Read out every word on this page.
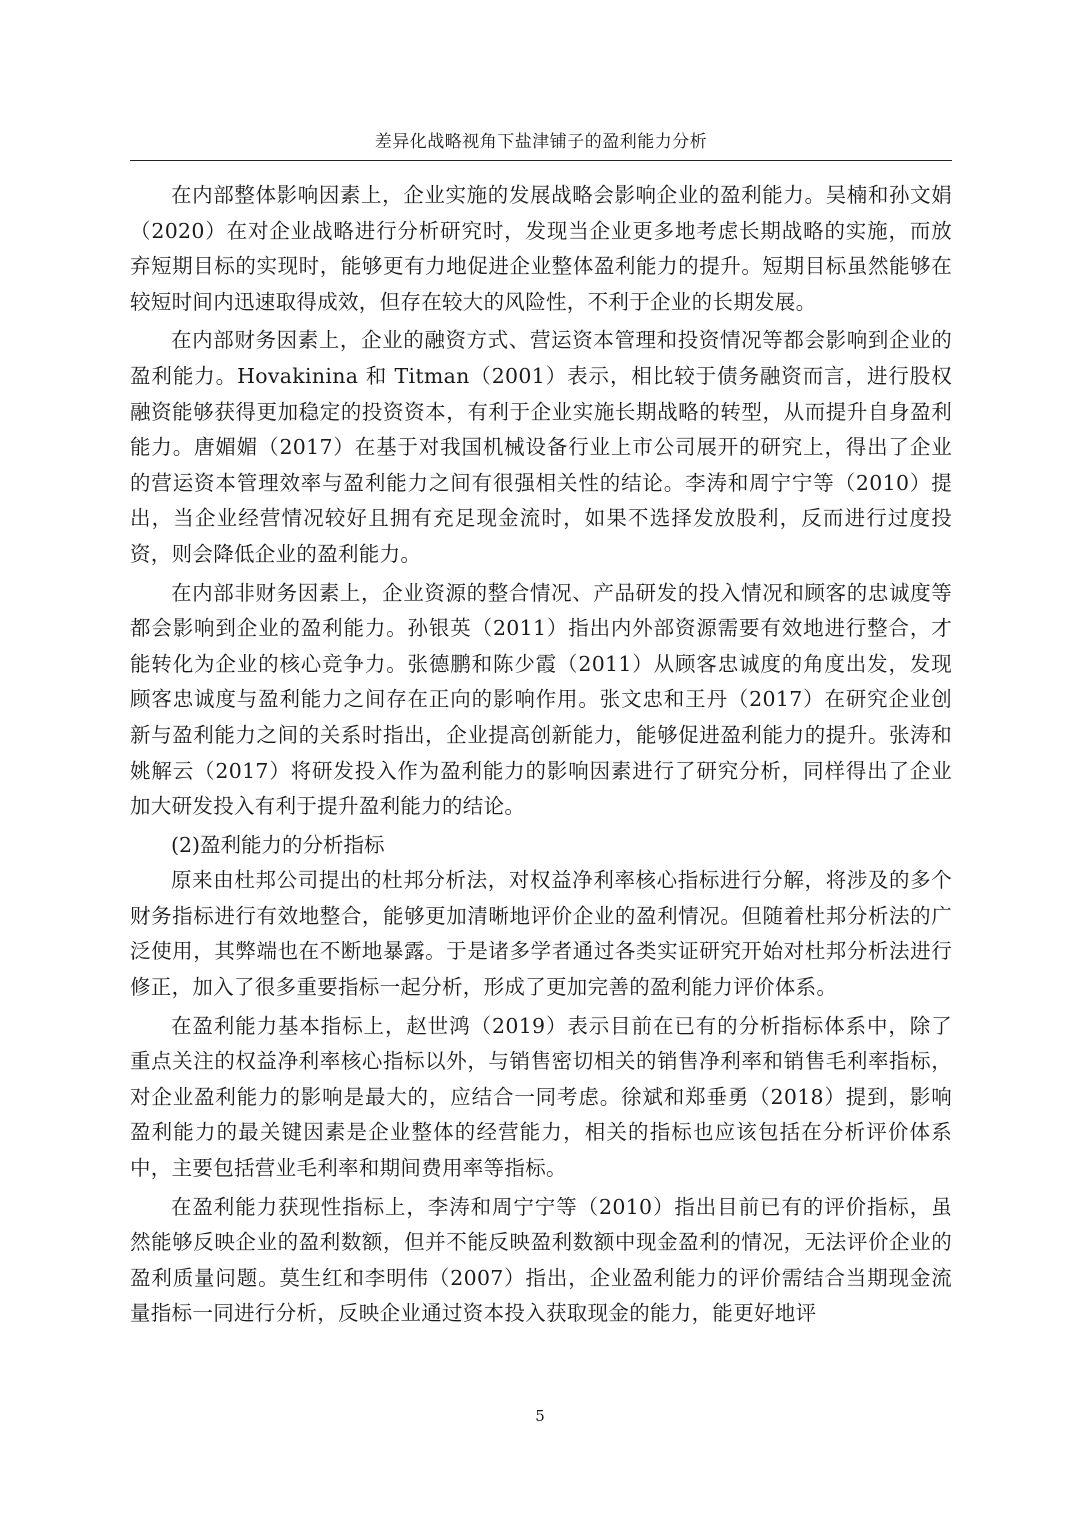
差异化战略视角下盐津铺子的盈利能力分析

在内部整体影响因素上，企业实施的发展战略会影响企业的盈利能力。吴楠和孙文娟（2020）在对企业战略进行分析研究时，发现当企业更多地考虑长期战略的实施，而放弃短期目标的实现时，能够更有力地促进企业整体盈利能力的提升。短期目标虽然能够在较短时间内迅速取得成效，但存在较大的风险性，不利于企业的长期发展。

在内部财务因素上，企业的融资方式、营运资本管理和投资情况等都会影响到企业的盈利能力。Hovakinina 和 Titman（2001）表示，相比较于债务融资而言，进行股权融资能够获得更加稳定的投资资本，有利于企业实施长期战略的转型，从而提升自身盈利能力。唐媚媚（2017）在基于对我国机械设备行业上市公司展开的研究上，得出了企业的营运资本管理效率与盈利能力之间有很强相关性的结论。李涛和周宁宁等（2010）提出，当企业经营情况较好且拥有充足现金流时，如果不选择发放股利，反而进行过度投资，则会降低企业的盈利能力。

在内部非财务因素上，企业资源的整合情况、产品研发的投入情况和顾客的忠诚度等都会影响到企业的盈利能力。孙银英（2011）指出内外部资源需要有效地进行整合，才能转化为企业的核心竞争力。张德鹏和陈少霞（2011）从顾客忠诚度的角度出发，发现顾客忠诚度与盈利能力之间存在正向的影响作用。张文忠和王丹（2017）在研究企业创新与盈利能力之间的关系时指出，企业提高创新能力，能够促进盈利能力的提升。张涛和姚解云（2017）将研发投入作为盈利能力的影响因素进行了研究分析，同样得出了企业加大研发投入有利于提升盈利能力的结论。

(2)盈利能力的分析指标

原来由杜邦公司提出的杜邦分析法，对权益净利率核心指标进行分解，将涉及的多个财务指标进行有效地整合，能够更加清晰地评价企业的盈利情况。但随着杜邦分析法的广泛使用，其弊端也在不断地暴露。于是诸多学者通过各类实证研究开始对杜邦分析法进行修正，加入了很多重要指标一起分析，形成了更加完善的盈利能力评价体系。

在盈利能力基本指标上，赵世鸿（2019）表示目前在已有的分析指标体系中，除了重点关注的权益净利率核心指标以外，与销售密切相关的销售净利率和销售毛利率指标，对企业盈利能力的影响是最大的，应结合一同考虑。徐斌和郑垂勇（2018）提到，影响盈利能力的最关键因素是企业整体的经营能力，相关的指标也应该包括在分析评价体系中，主要包括营业毛利率和期间费用率等指标。

在盈利能力获现性指标上，李涛和周宁宁等（2010）指出目前已有的评价指标，虽然能够反映企业的盈利数额，但并不能反映盈利数额中现金盈利的情况，无法评价企业的盈利质量问题。莫生红和李明伟（2007）指出，企业盈利能力的评价需结合当期现金流量指标一同进行分析，反映企业通过资本投入获取现金的能力，能更好地评

5
